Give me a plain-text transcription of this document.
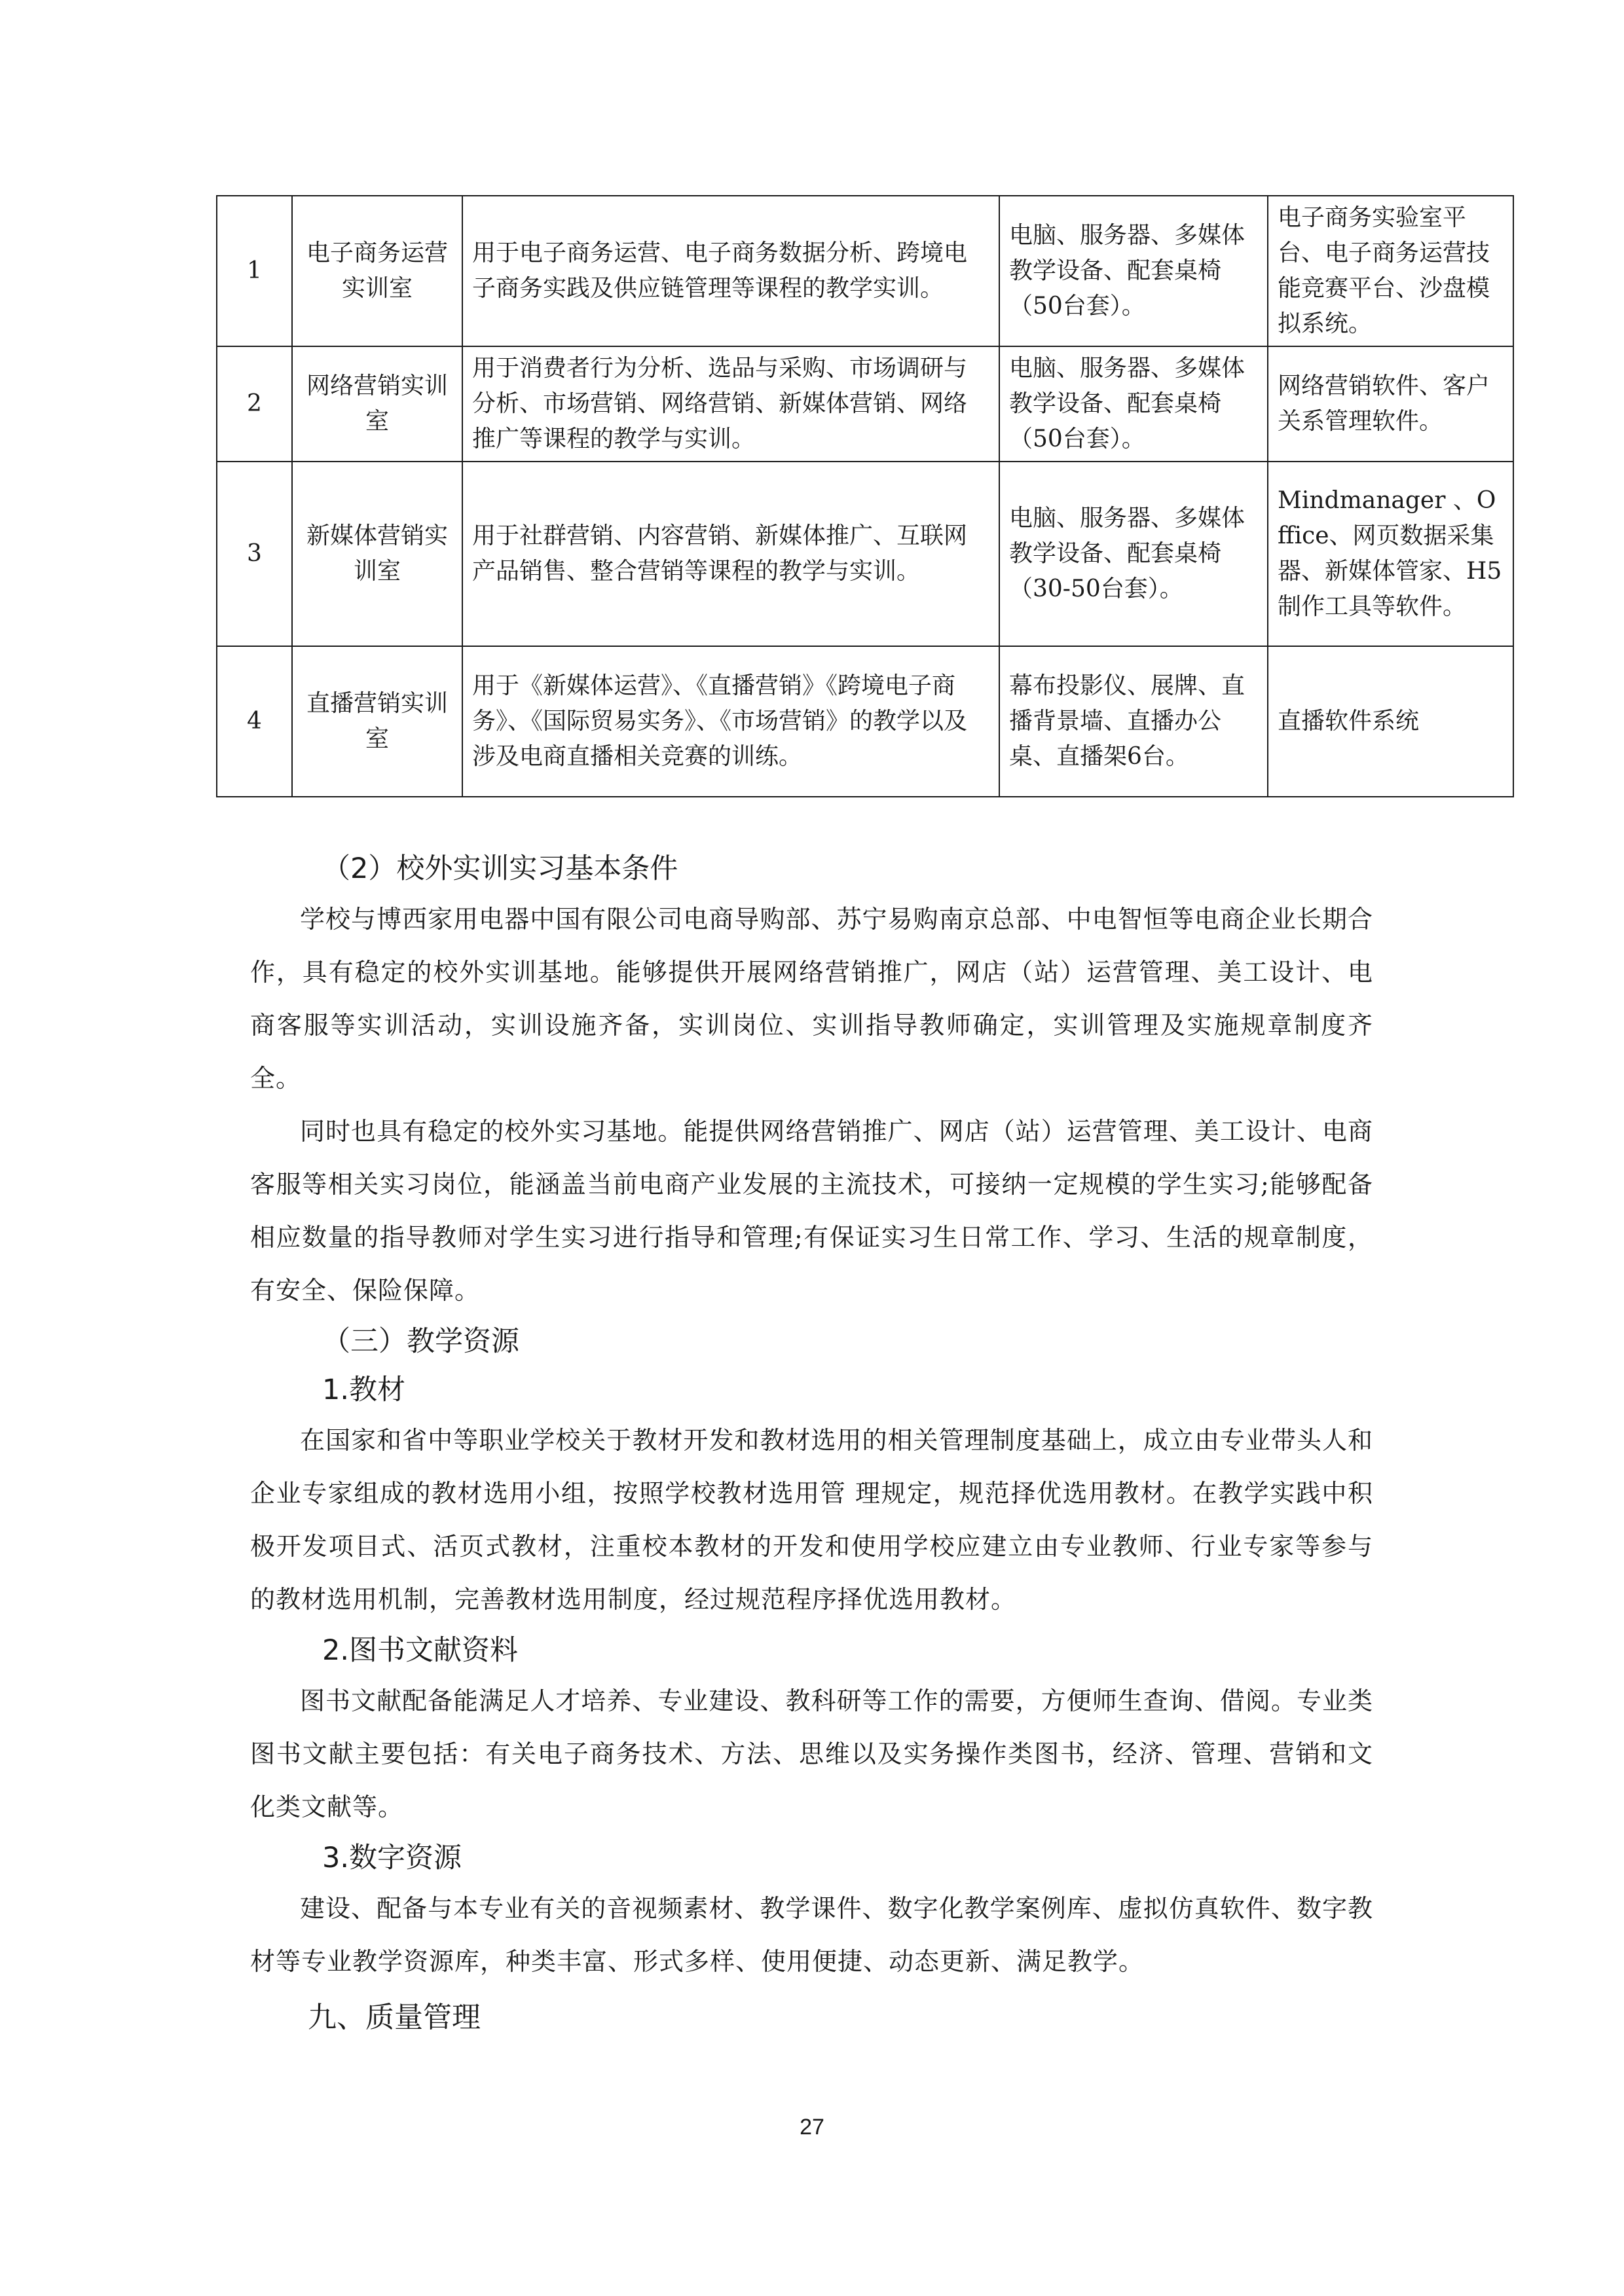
1	电子商务运营实训室	用于电子商务运营、电子商务数据分析、跨境电子商务实践及供应链管理等课程的教学实训。	电脑、服务器、多媒体教学设备、配套桌椅（50台套）。	电子商务实验室平台、电子商务运营技能竞赛平台、沙盘模拟系统。
2	网络营销实训室	用于消费者行为分析、选品与采购、市场调研与分析、市场营销、网络营销、新媒体营销、网络推广等课程的教学与实训。	电脑、服务器、多媒体教学设备、配套桌椅（50台套）。	网络营销软件、客户关系管理软件。
3	新媒体营销实训室	用于社群营销、内容营销、新媒体推广、互联网产品销售、整合营销等课程的教学与实训。	电脑、服务器、多媒体教学设备、配套桌椅（30-50台套）。	Mindmanager 、Office、网页数据采集器、新媒体管家、H5 制作工具等软件。
4	直播营销实训室	用于《新媒体运营》、《直播营销》《跨境电子商务》、《国际贸易实务》、《市场营销》的教学以及涉及电商直播相关竞赛的训练。	幕布投影仪、展牌、直播背景墙、直播办公桌、直播架6台。	直播软件系统
（2）校外实训实习基本条件

学校与博西家用电器中国有限公司电商导购部、苏宁易购南京总部、中电智恒等电商企业长期合作，具有稳定的校外实训基地。能够提供开展网络营销推广，网店（站）运营管理、美工设计、电商客服等实训活动，实训设施齐备，实训岗位、实训指导教师确定，实训管理及实施规章制度齐全。

同时也具有稳定的校外实习基地。能提供网络营销推广、网店（站）运营管理、美工设计、电商客服等相关实习岗位，能涵盖当前电商产业发展的主流技术，可接纳一定规模的学生实习;能够配备相应数量的指导教师对学生实习进行指导和管理;有保证实习生日常工作、学习、生活的规章制度，有安全、保险保障。

（三）教学资源
1.教材

在国家和省中等职业学校关于教材开发和教材选用的相关管理制度基础上，成立由专业带头人和企业专家组成的教材选用小组，按照学校教材选用管 理规定，规范择优选用教材。在教学实践中积极开发项目式、活页式教材，注重校本教材的开发和使用学校应建立由专业教师、行业专家等参与的教材选用机制，完善教材选用制度，经过规范程序择优选用教材。

2.图书文献资料

图书文献配备能满足人才培养、专业建设、教科研等工作的需要，方便师生查询、借阅。专业类图书文献主要包括：有关电子商务技术、方法、思维以及实务操作类图书，经济、管理、营销和文化类文献等。

3.数字资源

建设、配备与本专业有关的音视频素材、教学课件、数字化教学案例库、虚拟仿真软件、数字教材等专业教学资源库，种类丰富、形式多样、使用便捷、动态更新、满足教学。

九、质量管理
27
